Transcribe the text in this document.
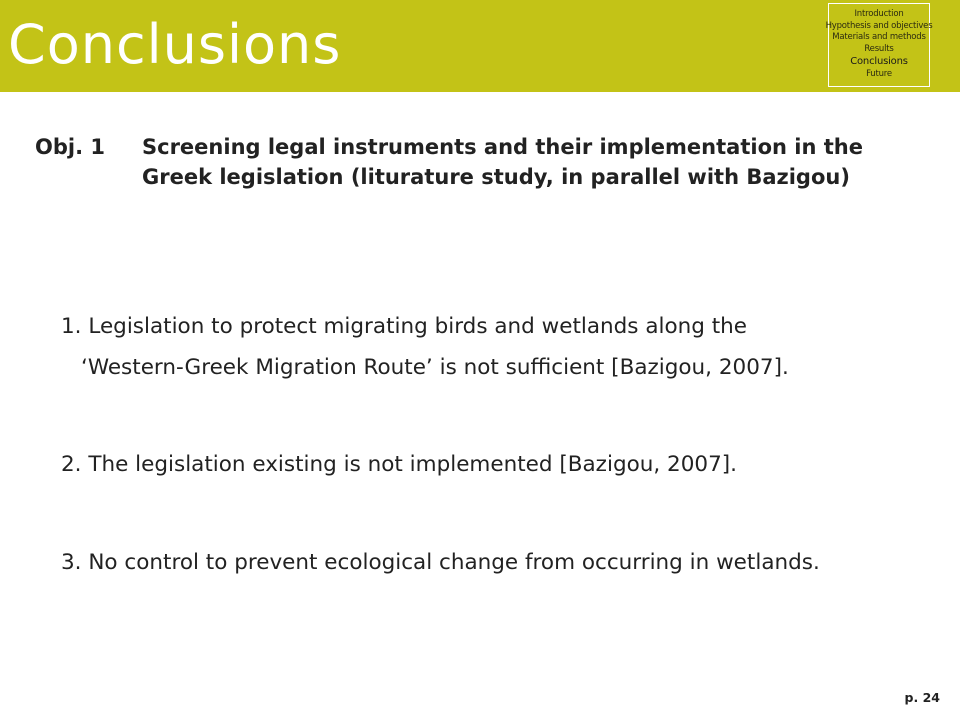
Conclusions	Introduction
Hypothesis and objectives
Materials and methods
Results
Conclusions
Future
Obj. 1 Screening legal instruments and their implementation in the
Greek legislation (liturature study, in parallel with Bazigou)
1. Legislation to protect migrating birds and wetlands along the
‘Western-Greek Migration Route’ is not sufficient [Bazigou, 2007].
2. The legislation existing is not implemented [Bazigou, 2007].
3. No control to prevent ecological change from occurring in wetlands.
p. 24
